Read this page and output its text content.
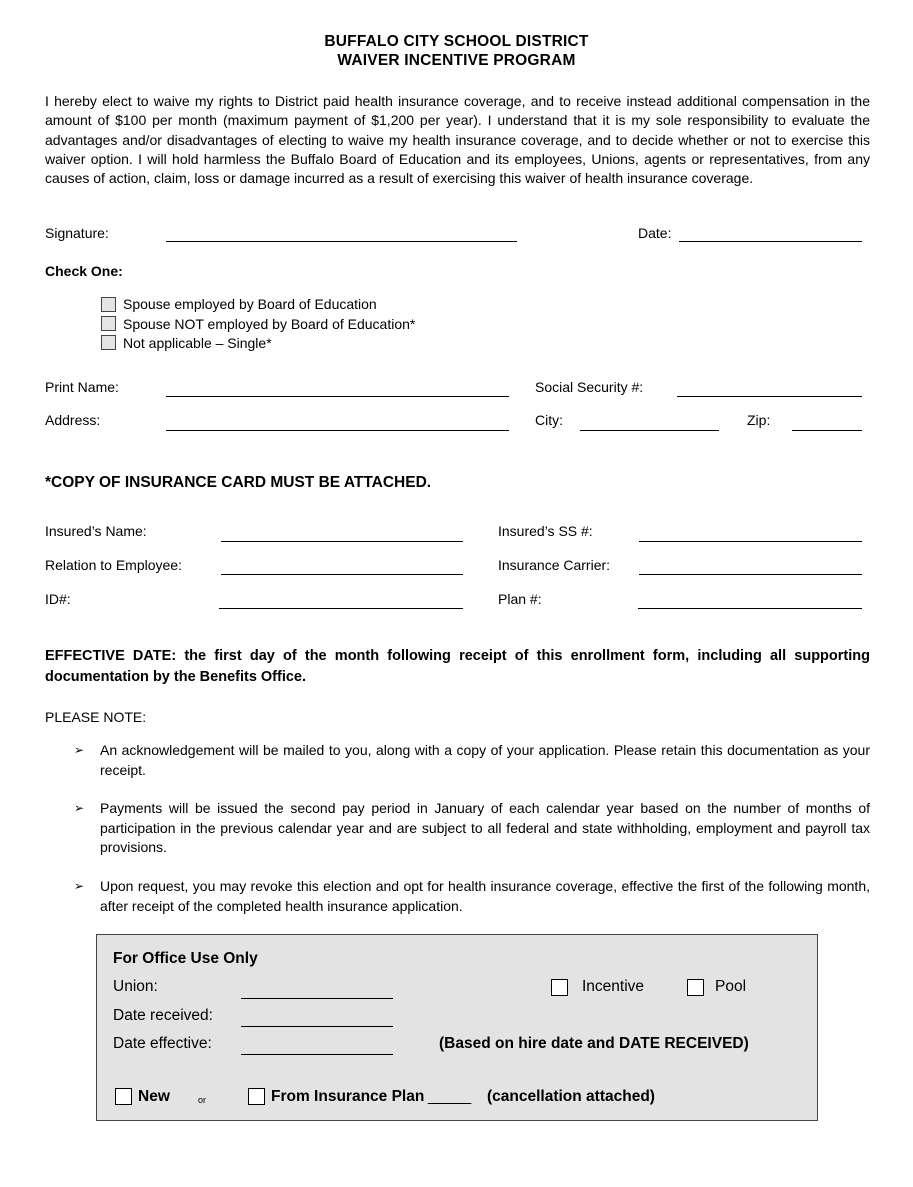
BUFFALO CITY SCHOOL DISTRICT
WAIVER INCENTIVE PROGRAM
I hereby elect to waive my rights to District paid health insurance coverage, and to receive instead additional compensation in the amount of $100 per month (maximum payment of $1,200 per year). I understand that it is my sole responsibility to evaluate the advantages and/or disadvantages of electing to waive my health insurance coverage, and to decide whether or not to exercise this waiver option. I will hold harmless the Buffalo Board of Education and its employees, Unions, agents or representatives, from any causes of action, claim, loss or damage incurred as a result of exercising this waiver of health insurance coverage.
Signature:	Date:
Check One:
Spouse employed by Board of Education
Spouse NOT employed by Board of Education*
Not applicable – Single*
Print Name:	Social Security #:
Address:	City:	Zip:
*COPY OF INSURANCE CARD MUST BE ATTACHED.
Insured’s Name:	Insured’s SS #:
Relation to Employee:	Insurance Carrier:
ID#:	Plan #:
EFFECTIVE DATE: the first day of the month following receipt of this enrollment form, including all supporting documentation by the Benefits Office.
PLEASE NOTE:
➢ An acknowledgement will be mailed to you, along with a copy of your application. Please retain this documentation as your receipt.
➢ Payments will be issued the second pay period in January of each calendar year based on the number of months of participation in the previous calendar year and are subject to all federal and state withholding, employment and payroll tax provisions.
➢ Upon request, you may revoke this election and opt for health insurance coverage, effective the first of the following month, after receipt of the completed health insurance application.
For Office Use Only
Union:	Incentive	Pool
Date received:
Date effective:	(Based on hire date and DATE RECEIVED)
New	or	From Insurance Plan _____ (cancellation attached)
